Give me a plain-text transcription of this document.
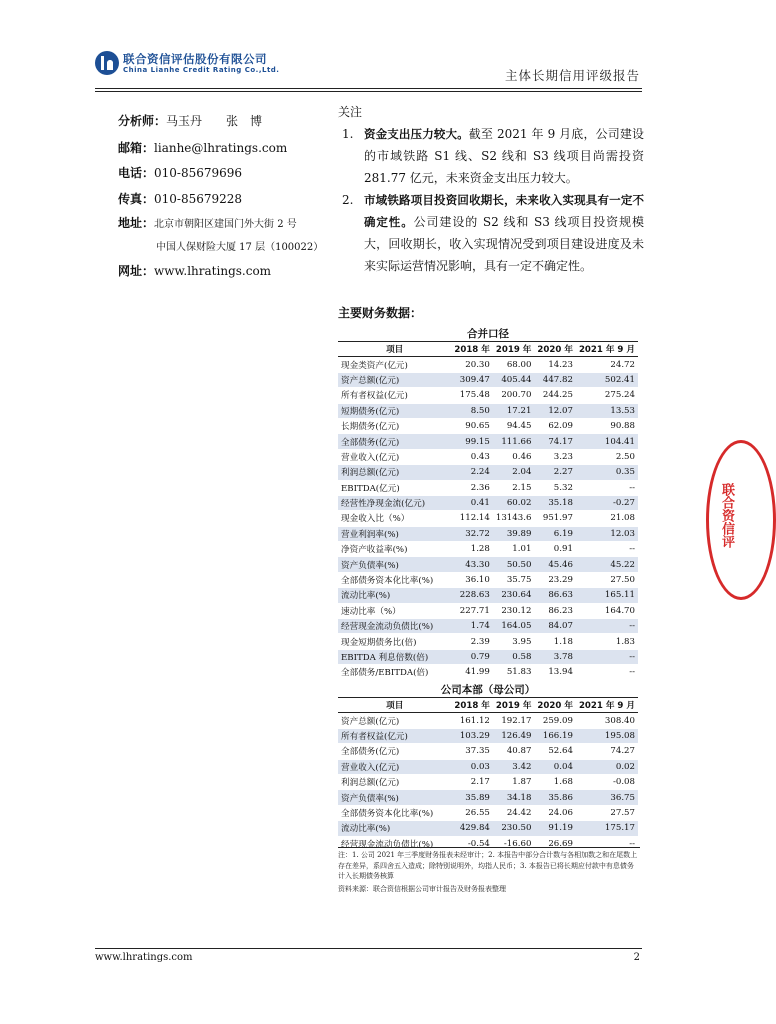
联合资信评估股份有限公司
China Lianhe Credit Rating Co.,Ltd.	主体长期信用评级报告
分析师：马玉丹　　张　博
邮箱：lianhe@lhratings.com
电话：010-85679696
传真：010-85679228
地址：北京市朝阳区建国门外大街 2 号
中国人保财险大厦 17 层（100022）
网址：www.lhratings.com
关注
1. 资金支出压力较大。截至 2021 年 9 月底，公司建设的市域铁路 S1 线、S2 线和 S3 线项目尚需投资 281.77 亿元，未来资金支出压力较大。
2. 市域铁路项目投资回收期长，未来收入实现具有一定不确定性。公司建设的 S2 线和 S3 线项目投资规模大，回收期长，收入实现情况受到项目建设进度及未来实际运营情况影响，具有一定不确定性。
主要财务数据：
合并口径				
项目	2018 年	2019 年	2020 年	2021 年 9 月
现金类资产(亿元)	20.30	68.00	14.23	24.72
资产总额(亿元)	309.47	405.44	447.82	502.41
所有者权益(亿元)	175.48	200.70	244.25	275.24
短期债务(亿元)	8.50	17.21	12.07	13.53
长期债务(亿元)	90.65	94.45	62.09	90.88
全部债务(亿元)	99.15	111.66	74.17	104.41
营业收入(亿元)	0.43	0.46	3.23	2.50
利润总额(亿元)	2.24	2.04	2.27	0.35
EBITDA(亿元)	2.36	2.15	5.32	--
经营性净现金流(亿元)	0.41	60.02	35.18	-0.27
现金收入比（%）	112.14	13143.6	951.97	21.08
营业利润率(%)	32.72	39.89	6.19	12.03
净资产收益率(%)	1.28	1.01	0.91	--
资产负债率(%)	43.30	50.50	45.46	45.22
全部债务资本化比率(%)	36.10	35.75	23.29	27.50
流动比率(%)	228.63	230.64	86.63	165.11
速动比率（%）	227.71	230.12	86.23	164.70
经营现金流动负债比(%)	1.74	164.05	84.07	--
现金短期债务比(倍)	2.39	3.95	1.18	1.83
EBITDA 利息倍数(倍)	0.79	0.58	3.78	--
全部债务/EBITDA(倍)	41.99	51.83	13.94	--
公司本部（母公司）				
项目	2018 年	2019 年	2020 年	2021 年 9 月
资产总额(亿元)	161.12	192.17	259.09	308.40
所有者权益(亿元)	103.29	126.49	166.19	195.08
全部债务(亿元)	37.35	40.87	52.64	74.27
营业收入(亿元)	0.03	3.42	0.04	0.02
利润总额(亿元)	2.17	1.87	1.68	-0.08
资产负债率(%)	35.89	34.18	35.86	36.75
全部债务资本化比率(%)	26.55	24.42	24.06	27.57
流动比率(%)	429.84	230.50	91.19	175.17
经营现金流动负债比(%)	-0.54	-16.60	26.69	--
注：1. 公司 2021 年三季度财务报表未经审计；2. 本报告中部分合计数与各相加数之和在尾数上存在差异，系四舍五入造成；除特别说明外，均指人民币；3. 本报告已将长期应付款中有息债务计入长期债务核算
资料来源：联合资信根据公司审计报告及财务报表整理
联合资信评
www.lhratings.com	2
